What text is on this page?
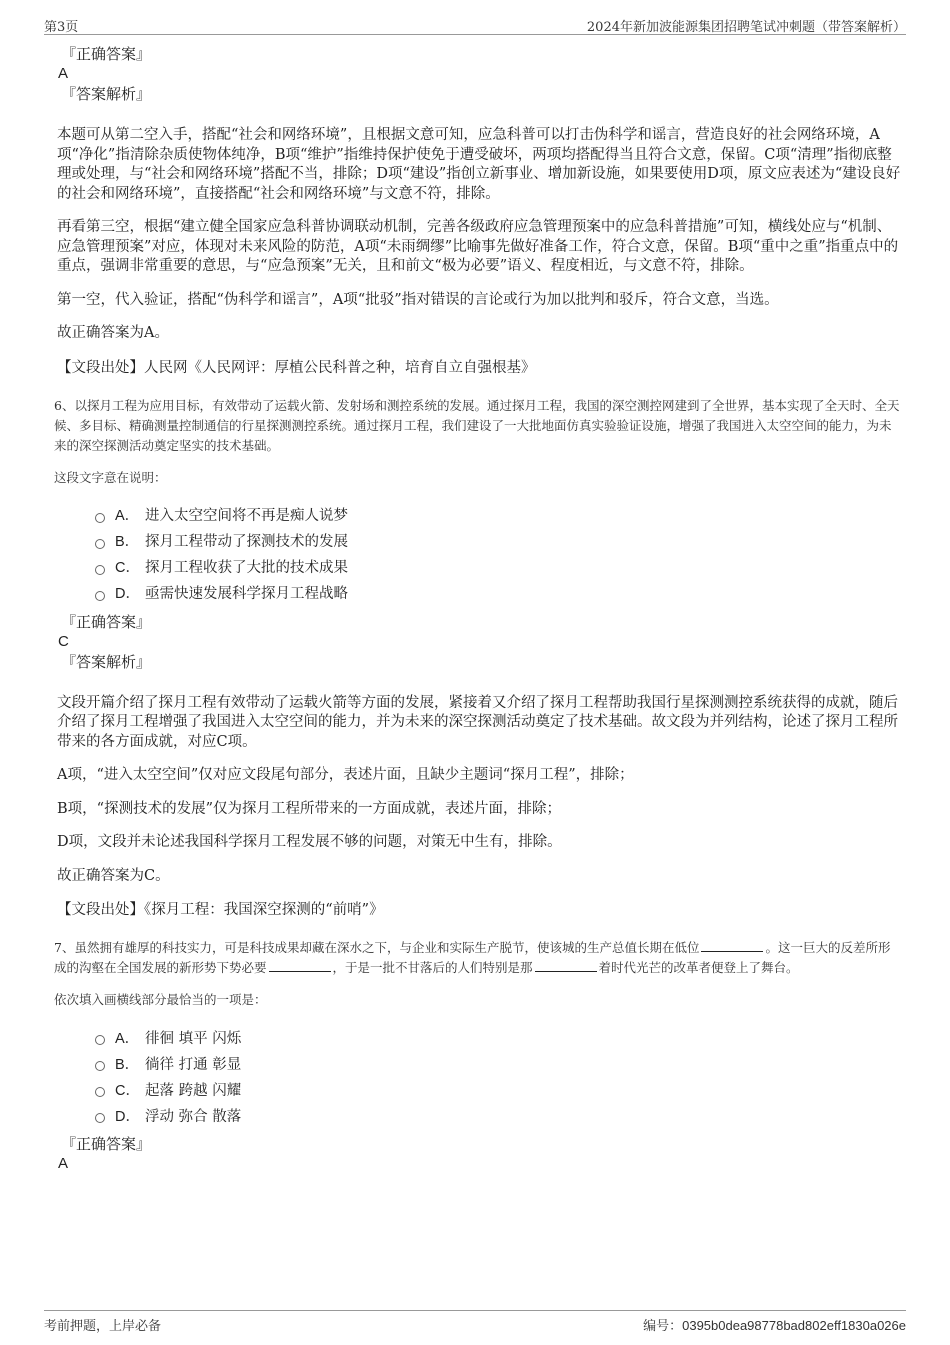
第3页	2024年新加波能源集团招聘笔试冲刺题（带答案解析）
『正确答案』
A
『答案解析』

本题可从第二空入手，搭配“社会和网络环境”，且根据文意可知，应急科普可以打击伪科学和谣言，营造良好的社会网络环境，A项“净化”指清除杂质使物体纯净，B项“维护”指维持保护使免于遭受破坏，两项均搭配得当且符合文意，保留。C项“清理”指彻底整理或处理，与“社会和网络环境”搭配不当，排除；D项“建设”指创立新事业、增加新设施，如果要使用D项，原文应表述为“建设良好的社会和网络环境”，直接搭配“社会和网络环境”与文意不符，排除。

再看第三空，根据“建立健全国家应急科普协调联动机制，完善各级政府应急管理预案中的应急科普措施”可知，横线处应与“机制、应急管理预案”对应，体现对未来风险的防范，A项“未雨绸缪”比喻事先做好准备工作，符合文意，保留。B项“重中之重”指重点中的重点，强调非常重要的意思，与“应急预案”无关，且和前文“极为必要”语义、程度相近，与文意不符，排除。

第一空，代入验证，搭配“伪科学和谣言”，A项“批驳”指对错误的言论或行为加以批判和驳斥，符合文意，当选。

故正确答案为A。

【文段出处】人民网《人民网评：厚植公民科普之种，培育自立自强根基》

6、以探月工程为应用目标，有效带动了运载火箭、发射场和测控系统的发展。通过探月工程，我国的深空测控网建到了全世界，基本实现了全天时、全天候、多目标、精确测量控制通信的行星探测测控系统。通过探月工程，我们建设了一大批地面仿真实验验证设施，增强了我国进入太空空间的能力，为未来的深空探测活动奠定坚实的技术基础。

这段文字意在说明：

A． 进入太空空间将不再是痴人说梦
B． 探月工程带动了探测技术的发展
C． 探月工程收获了大批的技术成果
D． 亟需快速发展科学探月工程战略
『正确答案』
C
『答案解析』

文段开篇介绍了探月工程有效带动了运载火箭等方面的发展，紧接着又介绍了探月工程帮助我国行星探测测控系统获得的成就，随后介绍了探月工程增强了我国进入太空空间的能力，并为未来的深空探测活动奠定了技术基础。故文段为并列结构，论述了探月工程所带来的各方面成就，对应C项。

A项，“进入太空空间”仅对应文段尾句部分，表述片面，且缺少主题词“探月工程”，排除；

B项，“探测技术的发展”仅为探月工程所带来的一方面成就，表述片面，排除；

D项，文段并未论述我国科学探月工程发展不够的问题，对策无中生有，排除。

故正确答案为C。

【文段出处】《探月工程：我国深空探测的“前哨”》

7、虽然拥有雄厚的科技实力，可是科技成果却藏在深水之下，与企业和实际生产脱节，使该城的生产总值长期在低位	。这一巨大的反差所形成的沟壑在全国发展的新形势下势必要	，于是一批不甘落后的人们特别是那	着时代光芒的改革者便登上了舞台。

依次填入画横线部分最恰当的一项是：

A． 徘徊 填平 闪烁
B． 徜徉 打通 彰显
C． 起落 跨越 闪耀
D． 浮动 弥合 散落
『正确答案』
A
考前押题，上岸必备	编号：0395b0dea98778bad802eff1830a026e
